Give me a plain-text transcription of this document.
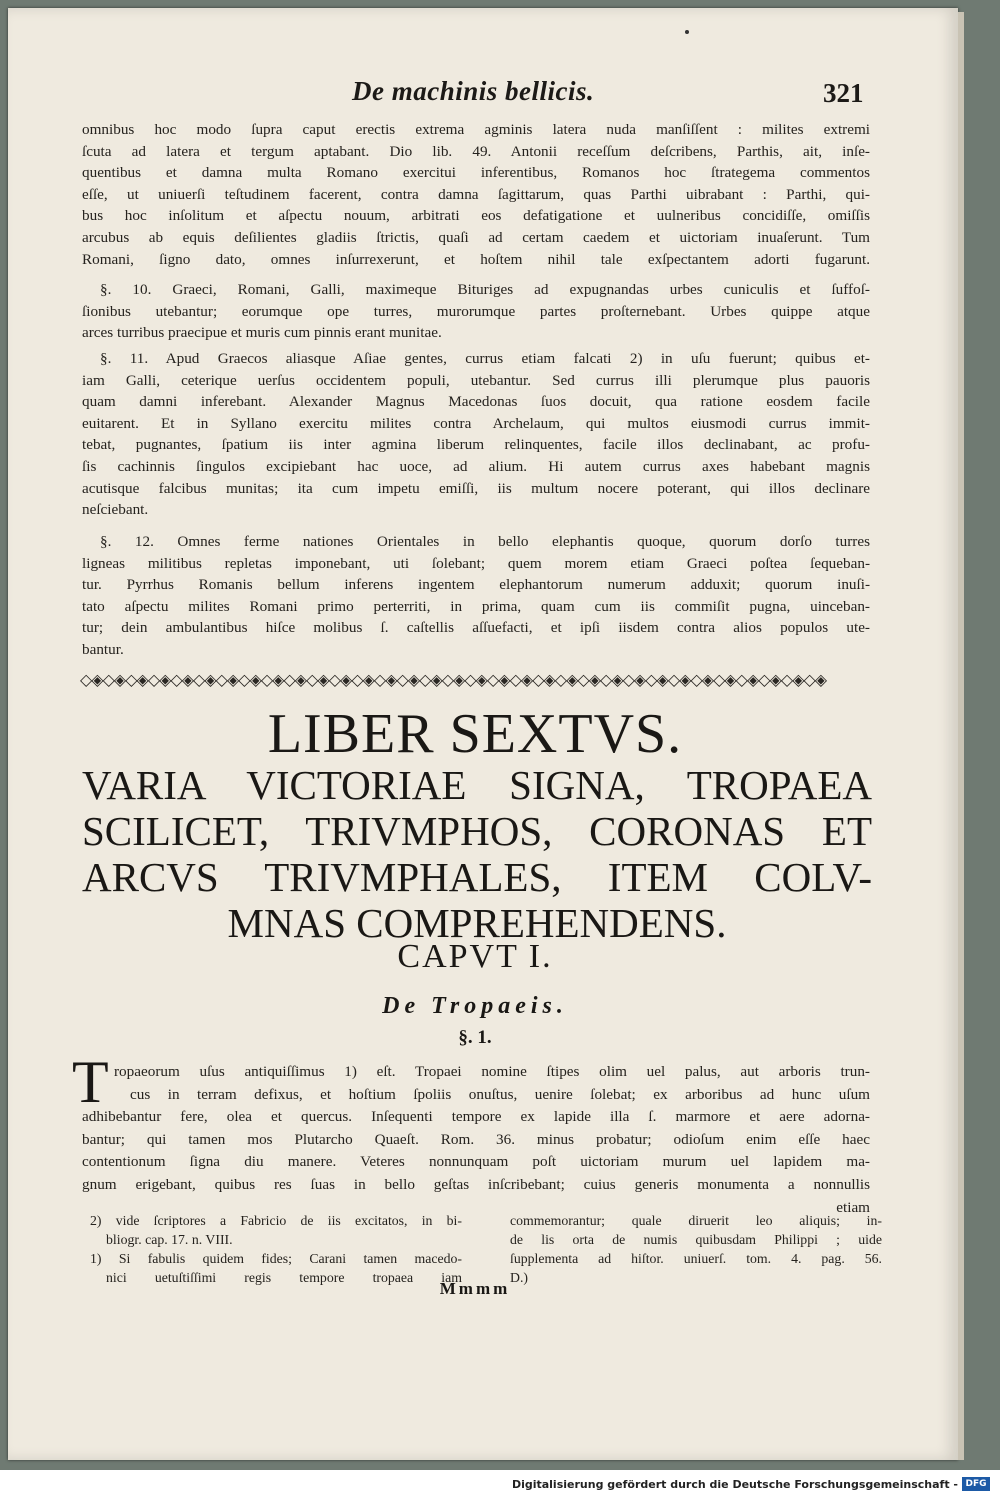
De machinis bellicis.	321
omnibus hoc modo ſupra caput erectis extrema agminis latera nuda manſiſſent : milites extremi
ſcuta ad latera et tergum aptabant. Dio lib. 49. Antonii receſſum deſcribens, Parthis, ait, inſe-
quentibus et damna multa Romano exercitui inferentibus, Romanos hoc ſtrategema commentos
eſſe, ut uniuerſi teſtudinem facerent, contra damna ſagittarum, quas Parthi uibrabant : Parthi, qui-
bus hoc inſolitum et aſpectu nouum, arbitrati eos defatigatione et uulneribus concidiſſe, omiſſis
arcubus ab equis deſilientes gladiis ſtrictis, quaſi ad certam caedem et uictoriam inuaſerunt. Tum
Romani, ſigno dato, omnes inſurrexerunt, et hoſtem nihil tale exſpectantem adorti fugarunt.
§. 10. Graeci, Romani, Galli, maximeque Bituriges ad expugnandas urbes cuniculis et ſuffoſ-
ſionibus utebantur; eorumque ope turres, murorumque partes proſternebant. Urbes quippe atque
arces turribus praecipue et muris cum pinnis erant munitae.
§. 11. Apud Graecos aliasque Aſiae gentes, currus etiam falcati 2) in uſu fuerunt; quibus et-
iam Galli, ceterique uerſus occidentem populi, utebantur. Sed currus illi plerumque plus pauoris
quam damni inferebant. Alexander Magnus Macedonas ſuos docuit, qua ratione eosdem facile
euitarent. Et in Syllano exercitu milites contra Archelaum, qui multos eiusmodi currus immit-
tebat, pugnantes, ſpatium iis inter agmina liberum relinquentes, facile illos declinabant, ac profu-
ſis cachinnis ſingulos excipiebant hac uoce, ad alium. Hi autem currus axes habebant magnis
acutisque falcibus munitas; ita cum impetu emiſſi, iis multum nocere poterant, qui illos declinare
neſciebant.
§. 12. Omnes ferme nationes Orientales in bello elephantis quoque, quorum dorſo turres
ligneas militibus repletas imponebant, uti ſolebant; quem morem etiam Graeci poſtea ſequeban-
tur. Pyrrhus Romanis bellum inferens ingentem elephantorum numerum adduxit; quorum inuſi-
tato aſpectu milites Romani primo perterriti, in prima, quam cum iis commiſit pugna, uinceban-
tur; dein ambulantibus hiſce molibus ſ. caſtellis aſſuefacti, et ipſi iisdem contra alios populos ute-
bantur.
◇◈◇◈◇◈◇◈◇◈◇◈◇◈◇◈◇◈◇◈◇◈◇◈◇◈◇◈◇◈◇◈◇◈◇◈◇◈◇◈◇◈◇◈◇◈◇◈◇◈◇◈◇◈◇◈◇◈◇◈◇◈◇◈◇◈
LIBER SEXTVS.
VARIA VICTORIAE SIGNA, TROPAEA
SCILICET, TRIVMPHOS, CORONAS ET
ARCVS TRIVMPHALES, ITEM COLV-
MNAS COMPREHENDENS.
CAPVT I.
De Tropaeis.
§. 1.
T ropaeorum uſus antiquiſſimus 1) eſt. Tropaei nomine ſtipes olim uel palus, aut arboris trun-
cus in terram defixus, et hoſtium ſpoliis onuſtus, uenire ſolebat; ex arboribus ad hunc uſum
adhibebantur fere, olea et quercus. Inſequenti tempore ex lapide illa ſ. marmore et aere adorna-
bantur; qui tamen mos Plutarcho Quaeſt. Rom. 36. minus probatur; odioſum enim eſſe haec
contentionum ſigna diu manere. Veteres nonnunquam poſt uictoriam murum uel lapidem ma-
gnum erigebant, quibus res ſuas in bello geſtas inſcribebant; cuius generis monumenta a nonnullis
etiam
2) vide ſcriptores a Fabricio de iis excitatos, in bi-
bliogr. cap. 17. n. VIII.
1) Si fabulis quidem fides; Carani tamen macedo-
nici uetuſtiſſimi regis tempore tropaea iam
commemorantur; quale diruerit leo aliquis; in-
de lis orta de numis quibusdam Philippi ; uide
ſupplementa ad hiſtor. uniuerſ. tom. 4. pag. 56.
D.)
Mmmm
Digitalisierung gefördert durch die Deutsche Forschungsgemeinschaft - DFG
